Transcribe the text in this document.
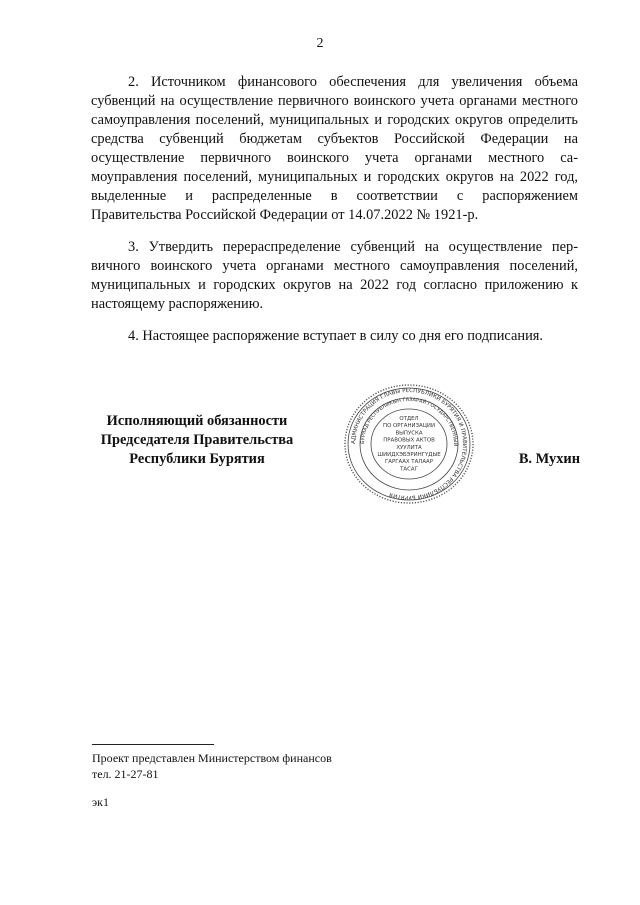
2

2. Источником финансового обеспечения для увеличения объема субвенций на осуществление первичного воинского учета органами местного самоуправления поселений, муниципальных и городских округов определить средства субвенций бюджетам субъектов Российской Федерации на осуществление первичного воинского учета органами местного самоуправления поселений, муниципальных и городских округов на 2022 год, выделенные и распределенные в соответствии с распоряжением Правительства Российской Федерации от 14.07.2022 № 1921-р.

3. Утвердить перераспределение субвенций на осуществление первичного воинского учета органами местного самоуправления поселений, муниципальных и городских округов на 2022 год согласно приложению к настоящему распоряжению.

4. Настоящее распоряжение вступает в силу со дня его подписания.

Исполняющий обязанности
Председателя Правительства
Республики Бурятия
АДМИНИСТРАЦИЯ ГЛАВЫ РЕСПУБЛИКИ БУРЯТИЯ И ПРАВИТЕЛЬСТВА РЕСПУБЛИКИ БУРЯТИЯ
БУРЯАД РЕСПУБЛИКЫН ГАЗАРАЙ ГОСУДАРСТВЕННЫЙ
ОТДЕЛ
ПО ОРГАНИЗАЦИИ
ВЫПУСКА
ПРАВОВЫХ АКТОВ
ХУУЛИТА
ШИИДХЭБЭРИНГҮДЫЕ
ГАРГААХ ТАЛААР
ТАСАГ
В. Мухин
Проект представлен Министерством финансов
тел. 21-27-81
эк1
